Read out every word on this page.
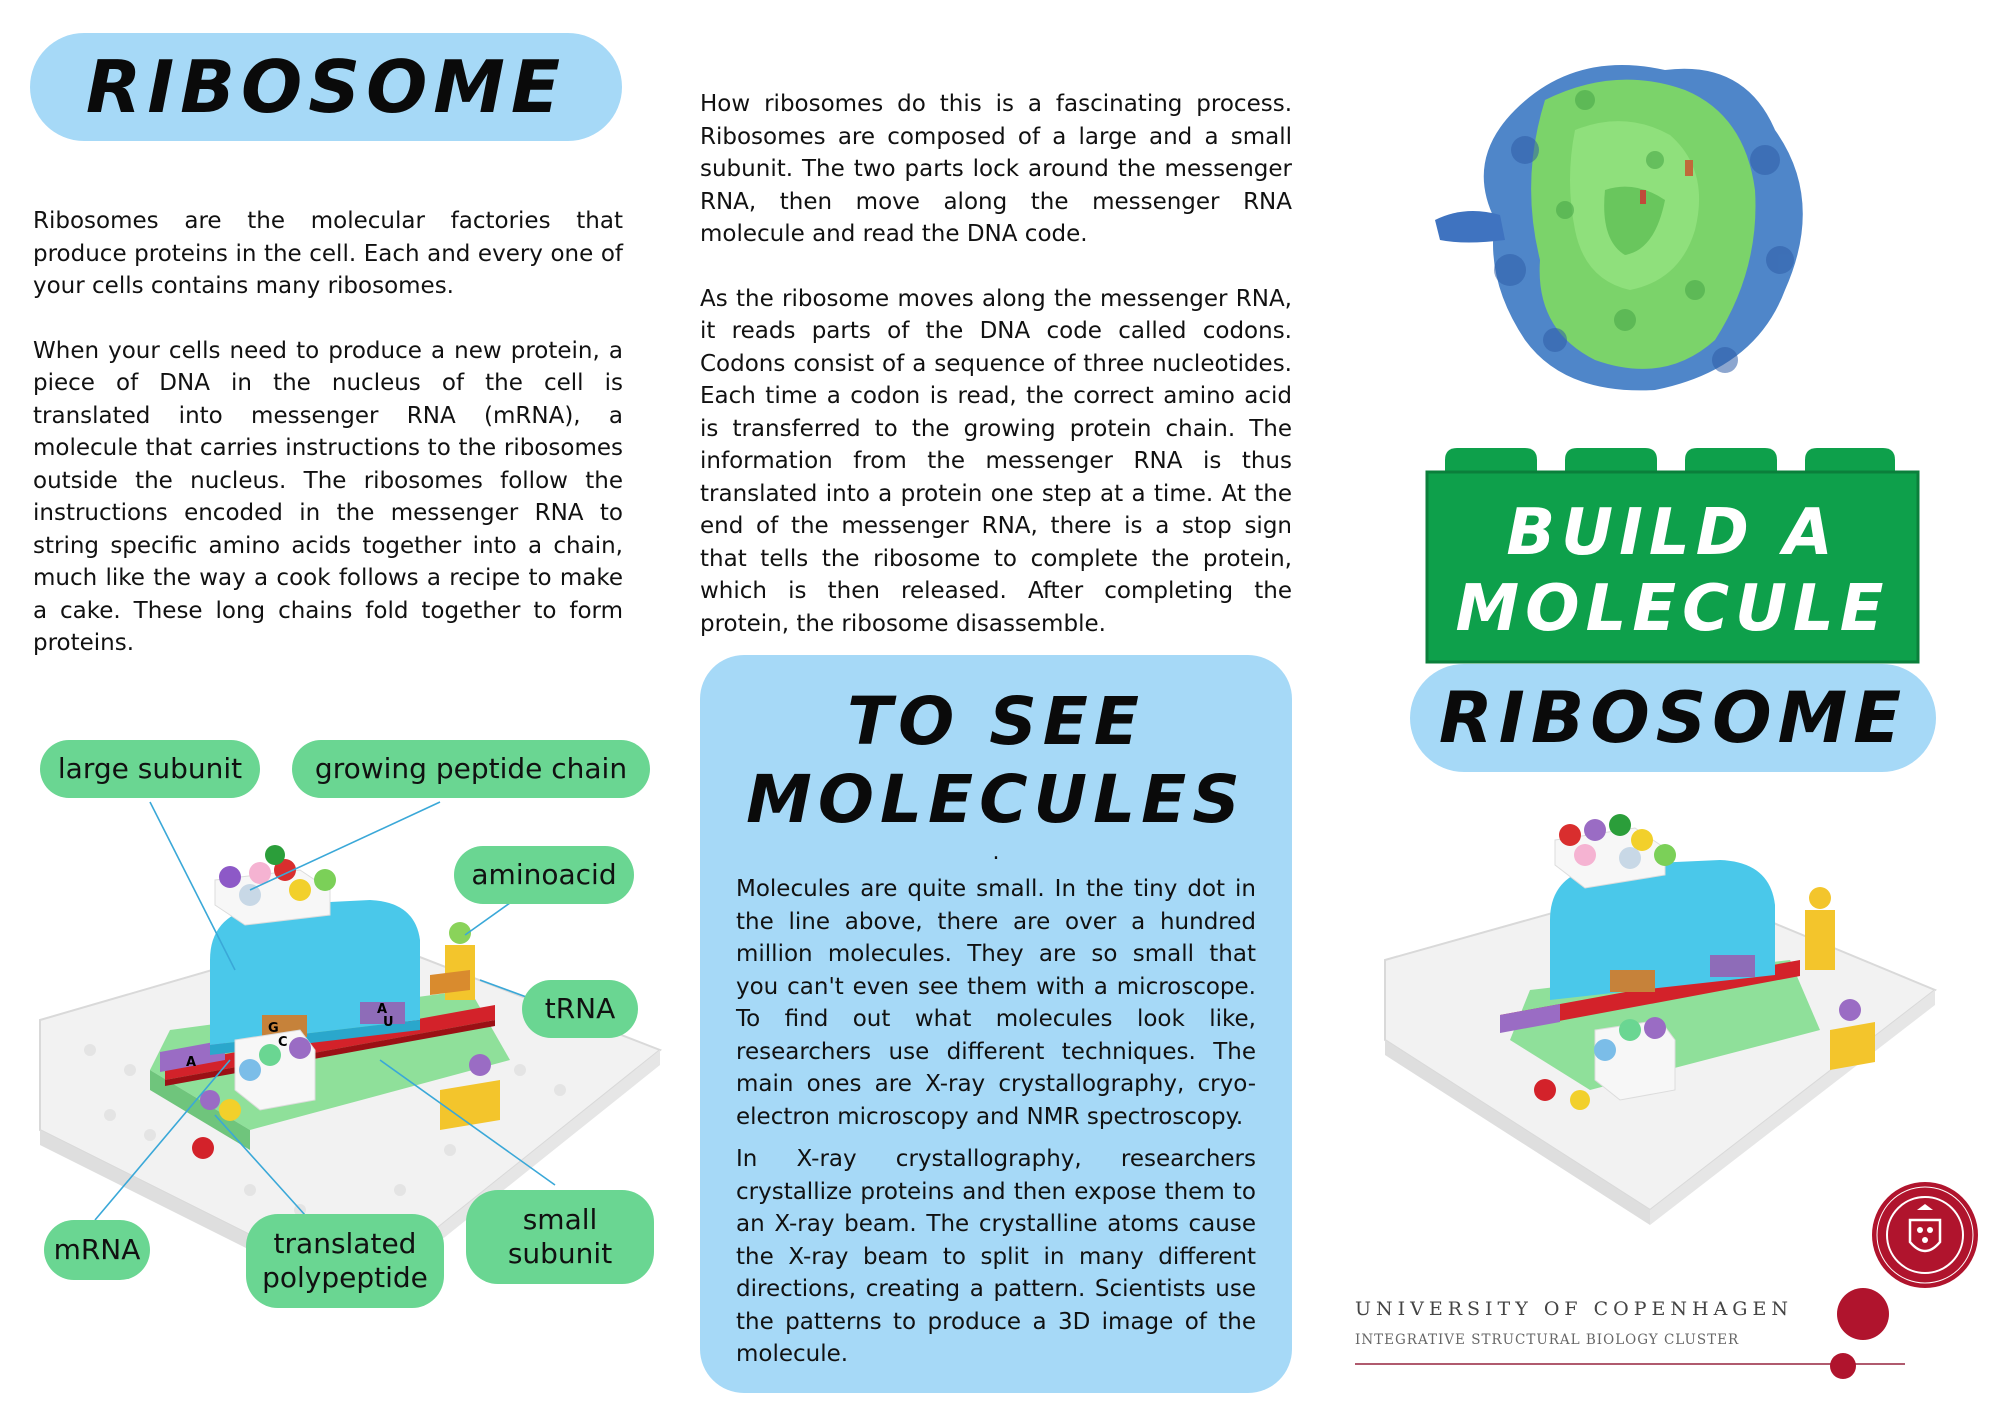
RIBOSOME

Ribosomes are the molecular factories that produce proteins in the cell. Each and every one of your cells contains many ribosomes.

When your cells need to produce a new protein, a piece of DNA in the nucleus of the cell is translated into messenger RNA (mRNA), a molecule that carries instructions to the ribosomes outside the nucleus. The ribosomes follow the instructions encoded in the messenger RNA to string specific amino acids together into a chain, much like the way a cook follows a recipe to make a cake. These long chains fold together to form proteins.

A
G
C
A
U
large subunit	growing peptide chain
aminoacid
tRNA
mRNA	translated polypeptide
small subunit

How ribosomes do this is a fascinating process. Ribosomes are composed of a large and a small subunit. The two parts lock around the messenger RNA, then move along the messenger RNA molecule and read the DNA code.

As the ribosome moves along the messenger RNA, it reads parts of the DNA code called codons. Codons consist of a sequence of three nucleotides. Each time a codon is read, the correct amino acid is transferred to the growing protein chain. The information from the messenger RNA is thus translated into a protein one step at a time. At the end of the messenger RNA, there is a stop sign that tells the ribosome to complete the protein, which is then released. After completing the protein, the ribosome disassemble.

TO SEE
MOLECULES
.

Molecules are quite small. In the tiny dot in the line above, there are over a hundred million molecules. They are so small that you can't even see them with a microscope. To find out what molecules look like, researchers use different techniques. The main ones are X-ray crystallography, cryo-electron microscopy and NMR spectroscopy.

In X-ray crystallography, researchers crystallize proteins and then expose them to an X-ray beam. The crystalline atoms cause the X-ray beam to split in many different directions, creating a pattern. Scientists use the patterns to produce a 3D image of the molecule.

BUILD A
MOLECULE
RIBOSOME
UNIVERSITY OF COPENHAGEN
INTEGRATIVE STRUCTURAL BIOLOGY CLUSTER
